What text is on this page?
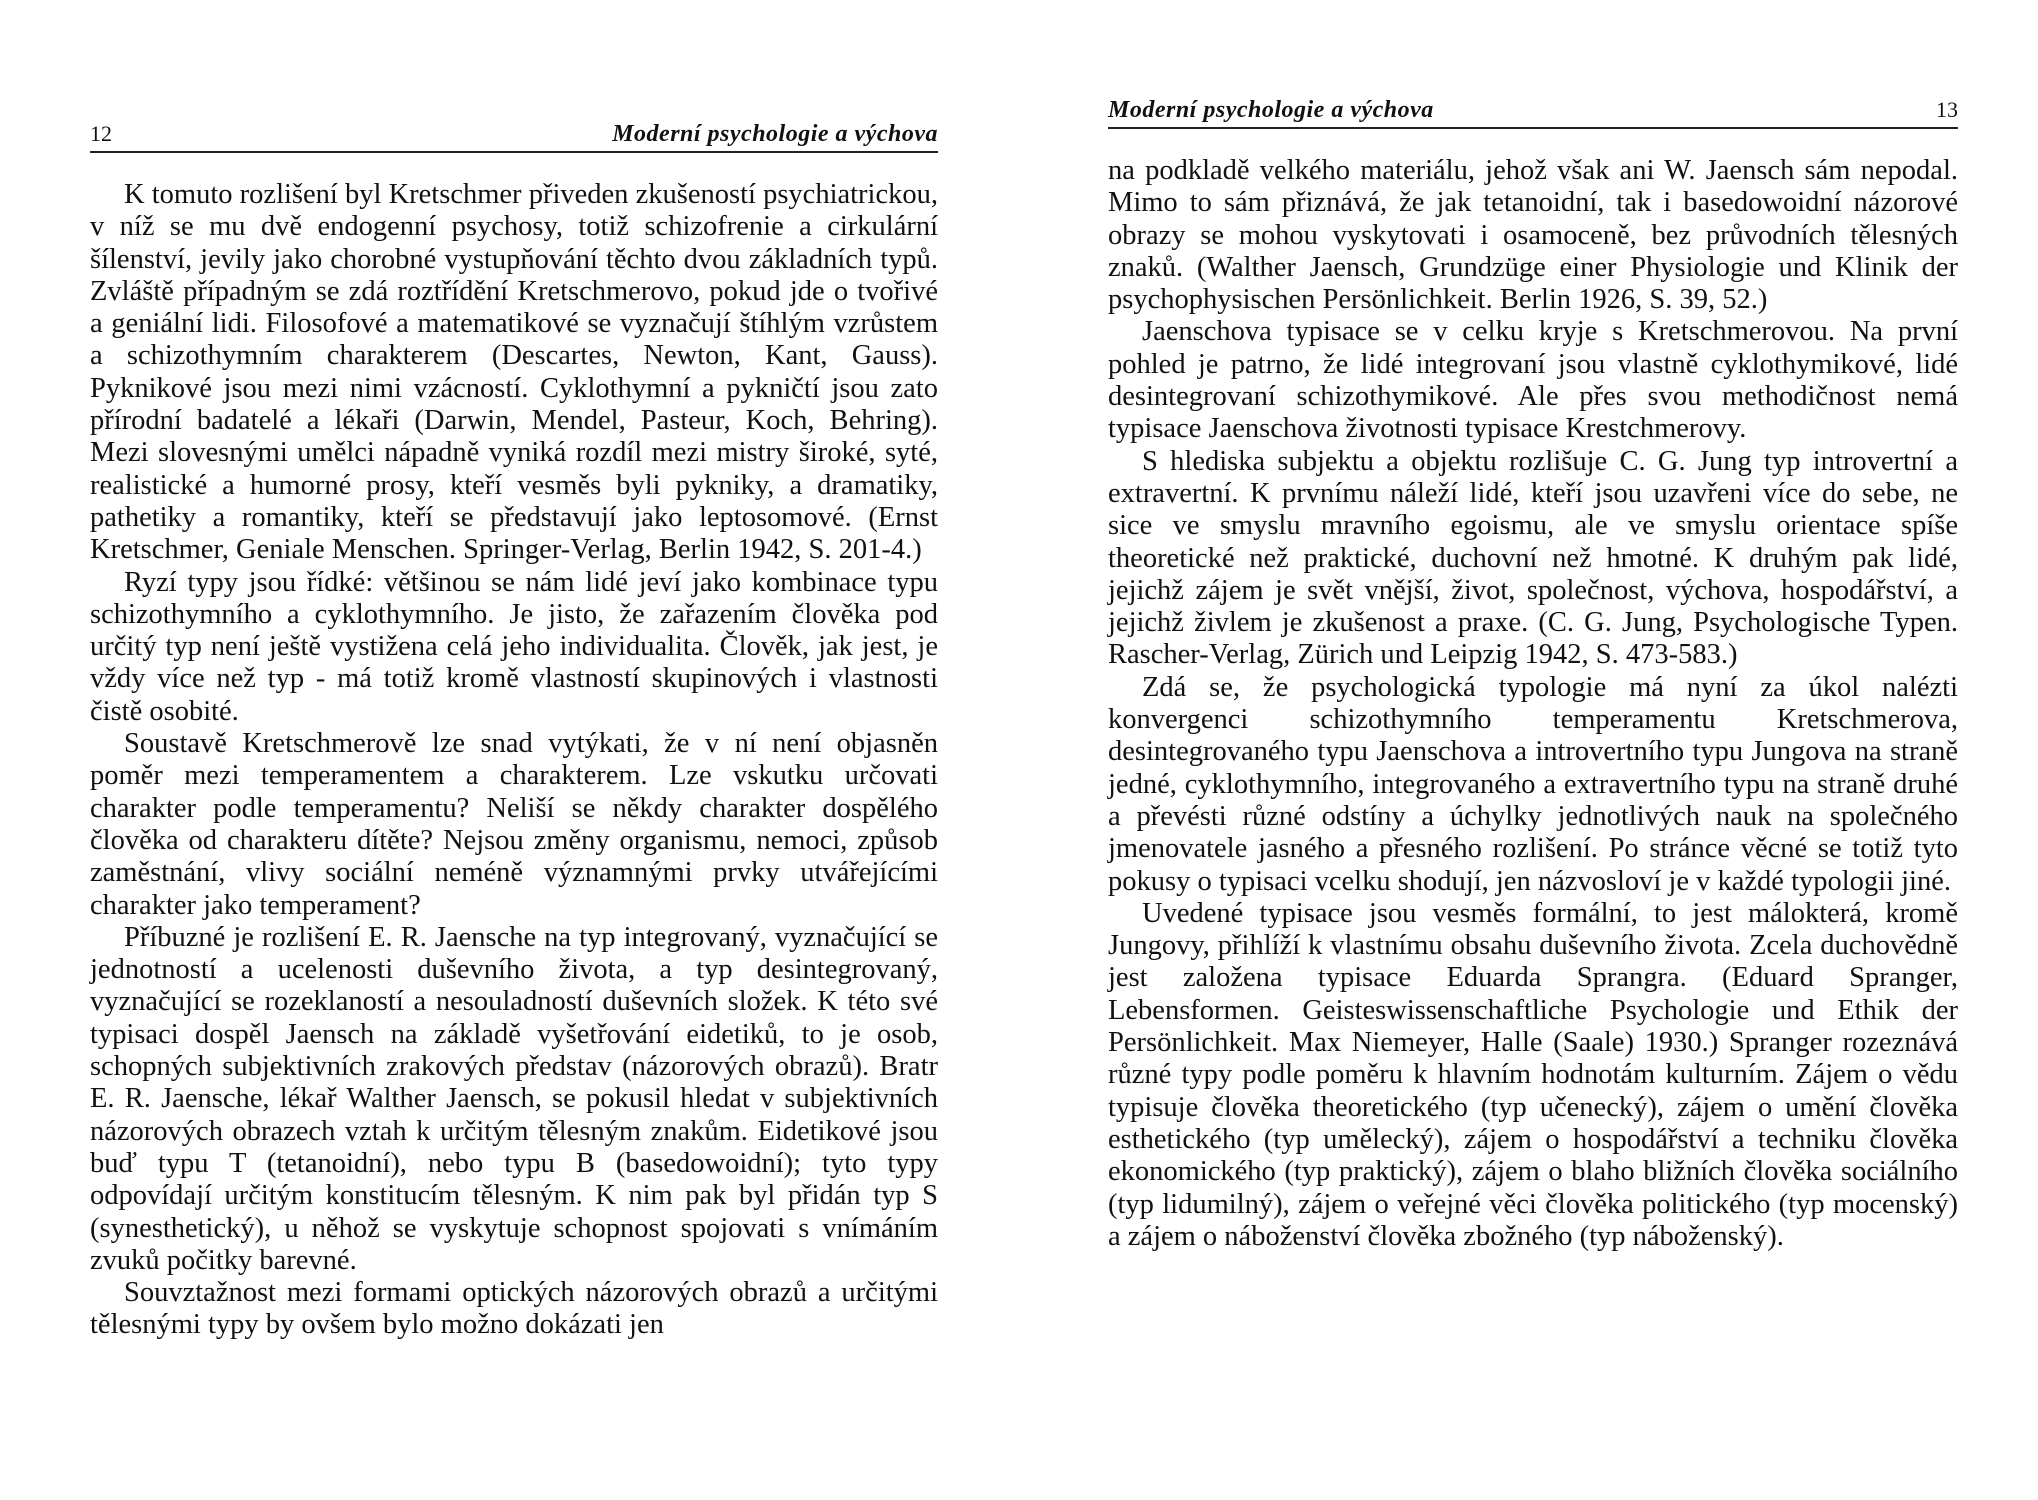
12	Moderní psychologie a výchova

K tomuto rozlišení byl Kretschmer přiveden zkušeností psychiatrickou, v níž se mu dvě endogenní psychosy, totiž schizofrenie a cirkulární šílenství, jevily jako chorobné vystupňování těchto dvou základních typů. Zvláště případným se zdá roztřídění Kretschmerovo, pokud jde o tvořivé a geniální lidi. Filosofové a matematikové se vyznačují štíhlým vzrůstem a schizothymním charakterem (Descartes, Newton, Kant, Gauss). Pyknikové jsou mezi nimi vzácností. Cyklothymní a pykničtí jsou zato přírodní badatelé a lékaři (Darwin, Mendel, Pasteur, Koch, Behring). Mezi slovesnými umělci nápadně vyniká rozdíl mezi mistry široké, syté, realistické a humorné prosy, kteří vesměs byli pykniky, a dramatiky, pathetiky a romantiky, kteří se představují jako leptosomové. (Ernst Kretschmer, Geniale Menschen. Springer-Verlag, Berlin 1942, S. 201-4.)

Ryzí typy jsou řídké: většinou se nám lidé jeví jako kombinace typu schizothymního a cyklothymního. Je jisto, že zařazením člověka pod určitý typ není ještě vystižena celá jeho individualita. Člověk, jak jest, je vždy více než typ - má totiž kromě vlastností skupinových i vlastnosti čistě osobité.

Soustavě Kretschmerově lze snad vytýkati, že v ní není objasněn poměr mezi temperamentem a charakterem. Lze vskutku určovati charakter podle temperamentu? Neliší se někdy charakter dospělého člověka od charakteru dítěte? Nejsou změny organismu, nemoci, způsob zaměstnání, vlivy sociální neméně významnými prvky utvářejícími charakter jako temperament?

Příbuzné je rozlišení E. R. Jaensche na typ integrovaný, vyznačující se jednotností a ucelenosti duševního života, a typ desintegrovaný, vyznačující se rozeklaností a nesouladností duševních složek. K této své typisaci dospěl Jaensch na základě vyšetřování eidetiků, to je osob, schopných subjektivních zrakových představ (názorových obrazů). Bratr E. R. Jaensche, lékař Walther Jaensch, se pokusil hledat v subjektivních názorových obrazech vztah k určitým tělesným znakům. Eidetikové jsou buď typu T (tetanoidní), nebo typu B (basedowoidní); tyto typy odpovídají určitým konstitucím tělesným. K nim pak byl přidán typ S (synesthetický), u něhož se vyskytuje schopnost spojovati s vnímáním zvuků počitky barevné.

Souvztažnost mezi formami optických názorových obrazů a určitými tělesnými typy by ovšem bylo možno dokázati jen

Moderní psychologie a výchova	13

na podkladě velkého materiálu, jehož však ani W. Jaensch sám nepodal. Mimo to sám přiznává, že jak tetanoidní, tak i basedowoidní názorové obrazy se mohou vyskytovati i osamoceně, bez průvodních tělesných znaků. (Walther Jaensch, Grundzüge einer Physiologie und Klinik der psychophysischen Persönlichkeit. Berlin 1926, S. 39, 52.)

Jaenschova typisace se v celku kryje s Kretschmerovou. Na první pohled je patrno, že lidé integrovaní jsou vlastně cyklothymikové, lidé desintegrovaní schizothymikové. Ale přes svou methodičnost nemá typisace Jaenschova životnosti typisace Krestchmerovy.

S hlediska subjektu a objektu rozlišuje C. G. Jung typ introvertní a extravertní. K prvnímu náleží lidé, kteří jsou uzavřeni více do sebe, ne sice ve smyslu mravního egoismu, ale ve smyslu orientace spíše theoretické než praktické, duchovní než hmotné. K druhým pak lidé, jejichž zájem je svět vnější, život, společnost, výchova, hospodářství, a jejichž živlem je zkušenost a praxe. (C. G. Jung, Psychologische Typen. Rascher-Verlag, Zürich und Leipzig 1942, S. 473-583.)

Zdá se, že psychologická typologie má nyní za úkol nalézti konvergenci schizothymního temperamentu Kretschmerova, desintegrovaného typu Jaenschova a introvertního typu Jungova na straně jedné, cyklothymního, integrovaného a extravertního typu na straně druhé a převésti různé odstíny a úchylky jednotlivých nauk na společného jmenovatele jasného a přesného rozlišení. Po stránce věcné se totiž tyto pokusy o typisaci vcelku shodují, jen názvosloví je v každé typologii jiné.

Uvedené typisace jsou vesměs formální, to jest málokterá, kromě Jungovy, přihlíží k vlastnímu obsahu duševního života. Zcela duchovědně jest založena typisace Eduarda Sprangra. (Eduard Spranger, Lebensformen. Geisteswissenschaftliche Psychologie und Ethik der Persönlichkeit. Max Niemeyer, Halle (Saale) 1930.) Spranger rozeznává různé typy podle poměru k hlavním hodnotám kulturním. Zájem o vědu typisuje člověka theoretického (typ učenecký), zájem o umění člověka esthetického (typ umělecký), zájem o hospodářství a techniku člověka ekonomického (typ praktický), zájem o blaho bližních člověka sociálního (typ lidumilný), zájem o veřejné věci člověka politického (typ mocenský) a zájem o náboženství člověka zbožného (typ náboženský).
